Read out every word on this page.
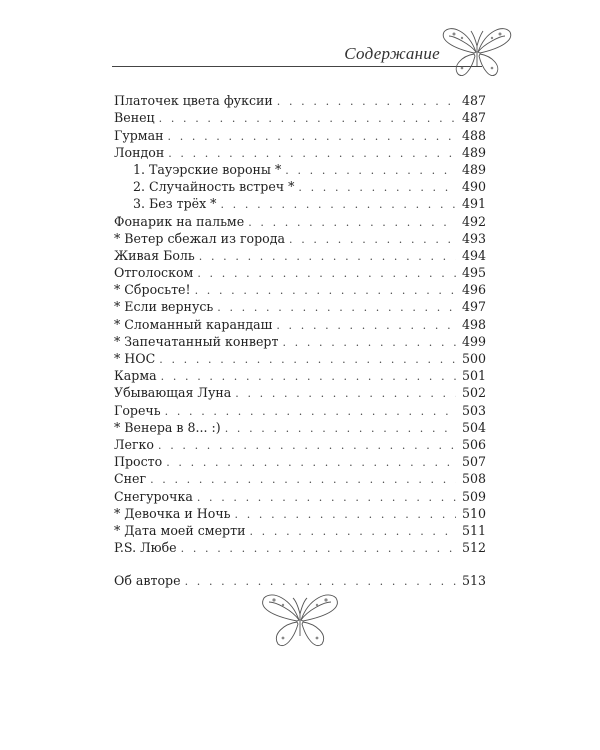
Содержание
Платочек цвета фуксии . . .	487
Венец . . .	487
Гурман . . .	488
Лондон . . .	489
1. Тауэрские вороны * . . .	489
2. Случайность встреч * . . .	490
3. Без трёх * . . .	491
Фонарик на пальме . . .	492
* Ветер сбежал из города . . .	493
Живая Боль . . .	494
Отголоском . . .	495
* Сбросьте! . . .	496
* Если вернусь . . .	497
* Сломанный карандаш . . .	498
* Запечатанный конверт . . .	499
* НОС . . .	500
Карма . . .	501
Убывающая Луна . . .	502
Горечь . . .	503
* Венера в 8... :) . . .	504
Легко . . .	506
Просто . . .	507
Снег . . .	508
Снегурочка . . .	509
* Девочка и Ночь . . .	510
* Дата моей смерти . . .	511
P.S. Любе . . .	512
Об авторе . . .	513
